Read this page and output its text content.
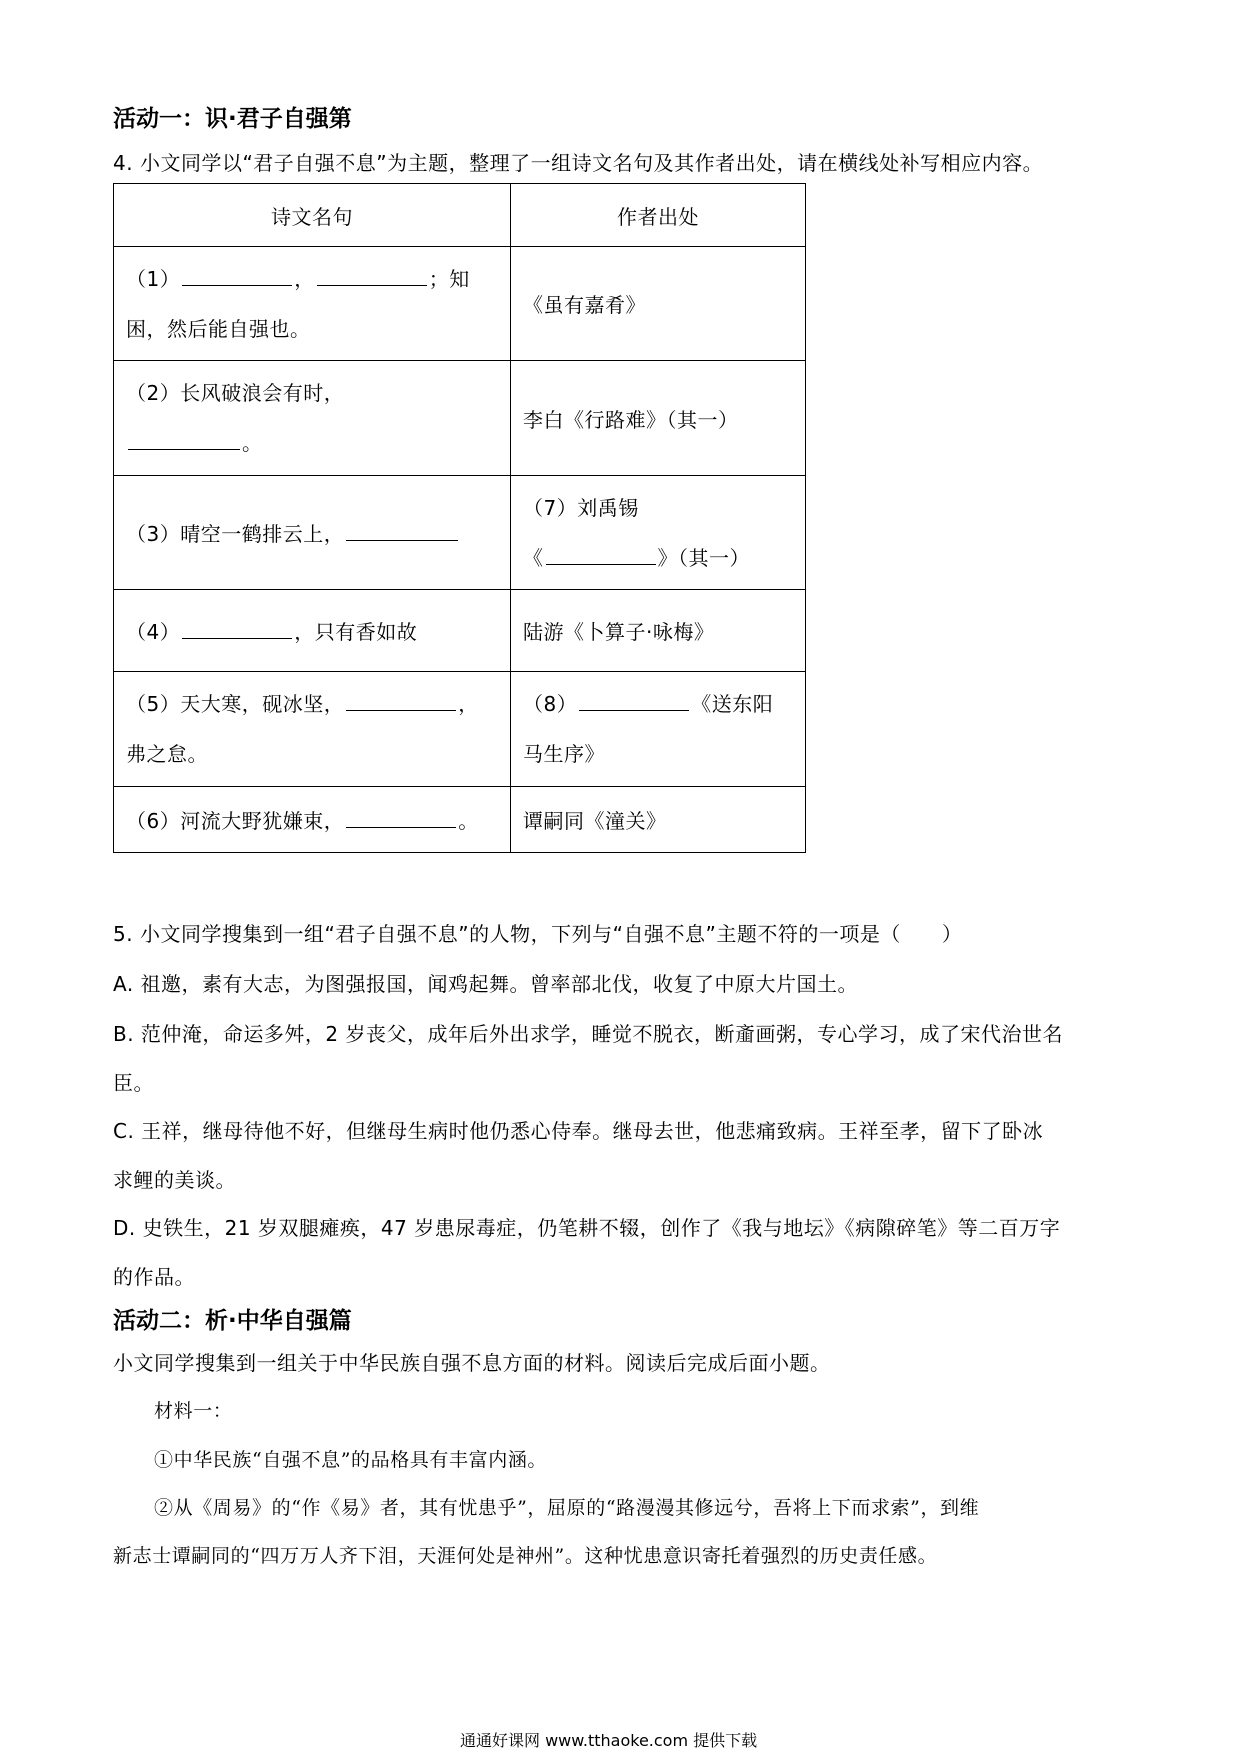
活动一：识·君子自强第
4. 小文同学以“君子自强不息”为主题，整理了一组诗文名句及其作者出处，请在横线处补写相应内容。
诗文名句	作者出处
（1） ， ；知
困，然后能自强也。	《虽有嘉肴》
（2）长风破浪会有时，
。	李白《行路难》（其一）
（3）晴空一鹤排云上，	（7）刘禹锡
《 》（其一）
（4） ，只有香如故	陆游《卜算子·咏梅》
（5）天大寒，砚冰坚， ，
弗之怠。	（8） 《送东阳
马生序》
（6）河流大野犹嫌束， 。	谭嗣同《潼关》
5. 小文同学搜集到一组“君子自强不息”的人物，下列与“自强不息”主题不符的一项是（　　）
A. 祖邀，素有大志，为图强报国，闻鸡起舞。曾率部北伐，收复了中原大片国土。
B. 范仲淹，命运多舛，2 岁丧父，成年后外出求学，睡觉不脱衣，断齑画粥，专心学习，成了宋代治世名
臣。
C. 王祥，继母待他不好，但继母生病时他仍悉心侍奉。继母去世，他悲痛致病。王祥至孝，留下了卧冰
求鲤的美谈。
D. 史铁生，21 岁双腿瘫痪，47 岁患尿毒症，仍笔耕不辍，创作了《我与地坛》《病隙碎笔》等二百万字
的作品。
活动二：析·中华自强篇
小文同学搜集到一组关于中华民族自强不息方面的材料。阅读后完成后面小题。
材料一：
①中华民族“自强不息”的品格具有丰富内涵。
②从《周易》的“作《易》者，其有忧患乎”，屈原的“路漫漫其修远兮，吾将上下而求索”，到维
新志士谭嗣同的“四万万人齐下泪，天涯何处是神州”。这种忧患意识寄托着强烈的历史责任感。
通通好课网 www.tthaoke.com 提供下载
